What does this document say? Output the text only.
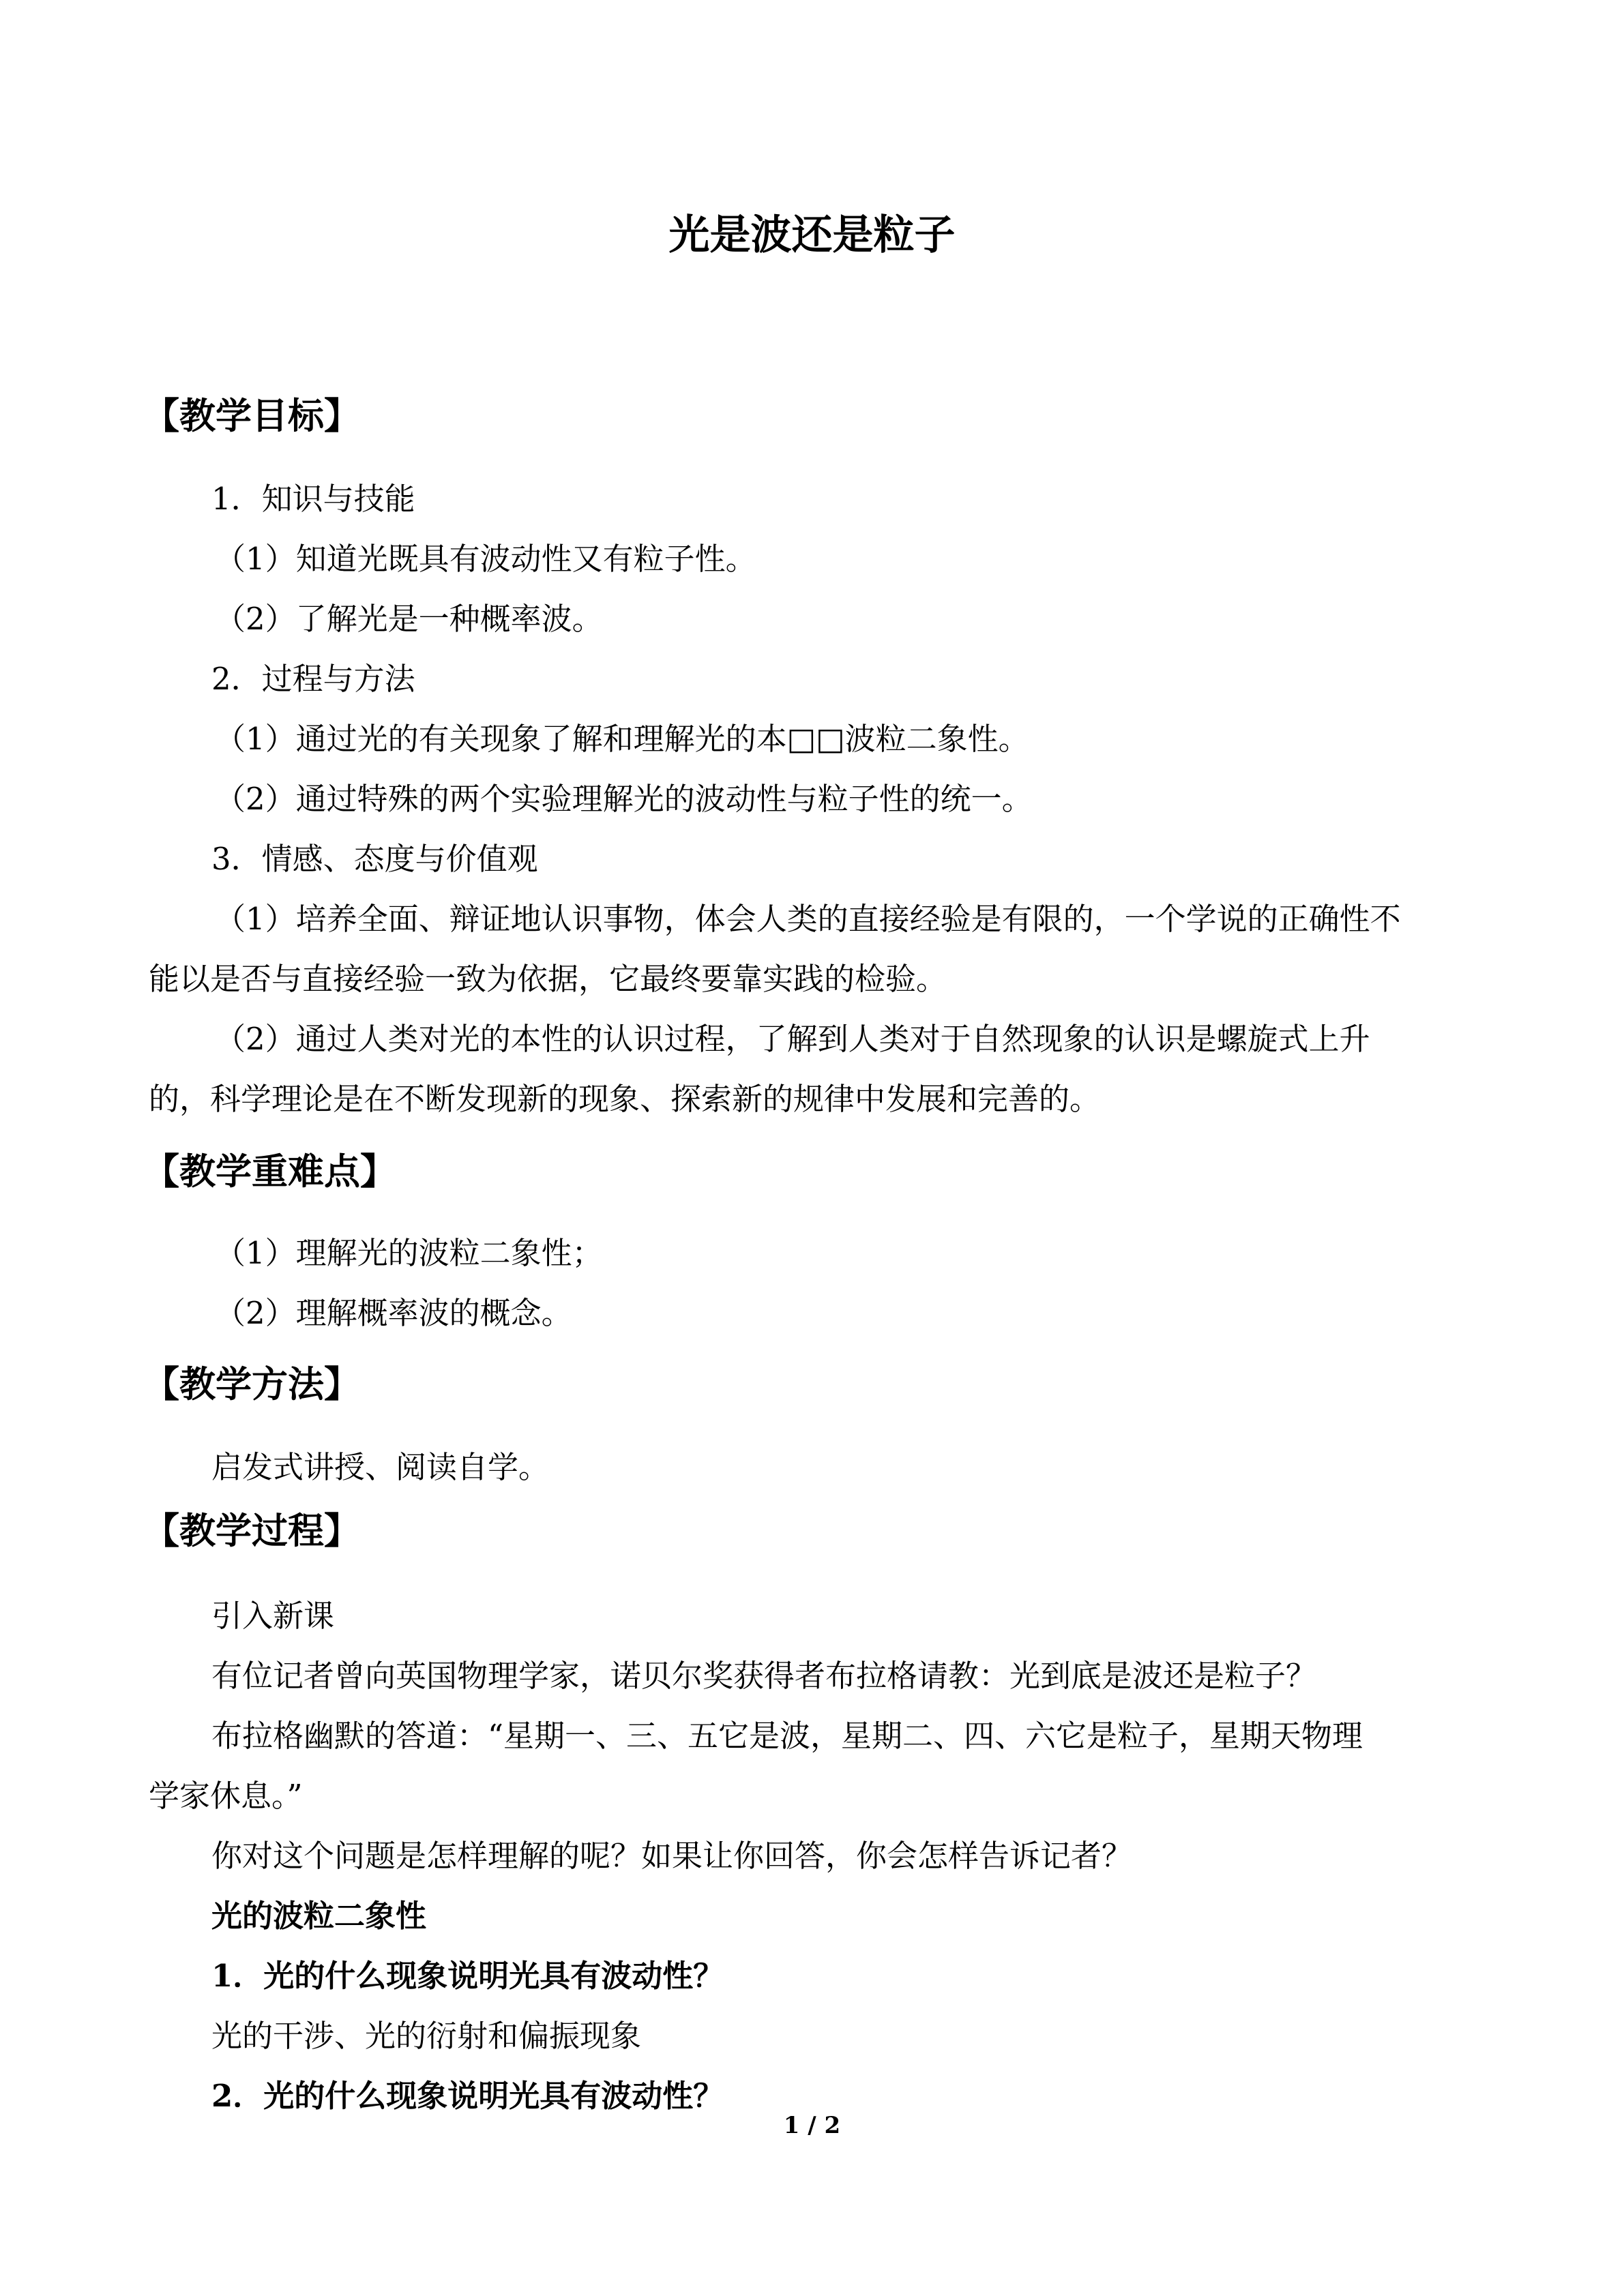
光是波还是粒子
【教学目标】
1．知识与技能
（1）知道光既具有波动性又有粒子性。
（2）了解光是一种概率波。
2．过程与方法
（1）通过光的有关现象了解和理解光的本□□波粒二象性。
（2）通过特殊的两个实验理解光的波动性与粒子性的统一。
3．情感、态度与价值观
（1）培养全面、辩证地认识事物，体会人类的直接经验是有限的，一个学说的正确性不
能以是否与直接经验一致为依据，它最终要靠实践的检验。
（2）通过人类对光的本性的认识过程，了解到人类对于自然现象的认识是螺旋式上升
的，科学理论是在不断发现新的现象、探索新的规律中发展和完善的。
【教学重难点】
（1）理解光的波粒二象性；
（2）理解概率波的概念。
【教学方法】
启发式讲授、阅读自学。
【教学过程】
引入新课
有位记者曾向英国物理学家，诺贝尔奖获得者布拉格请教：光到底是波还是粒子？
布拉格幽默的答道：“星期一、三、五它是波，星期二、四、六它是粒子，星期天物理
学家休息。”
你对这个问题是怎样理解的呢？如果让你回答，你会怎样告诉记者？
光的波粒二象性
1．光的什么现象说明光具有波动性？
光的干涉、光的衍射和偏振现象
2．光的什么现象说明光具有波动性？
1 / 2
